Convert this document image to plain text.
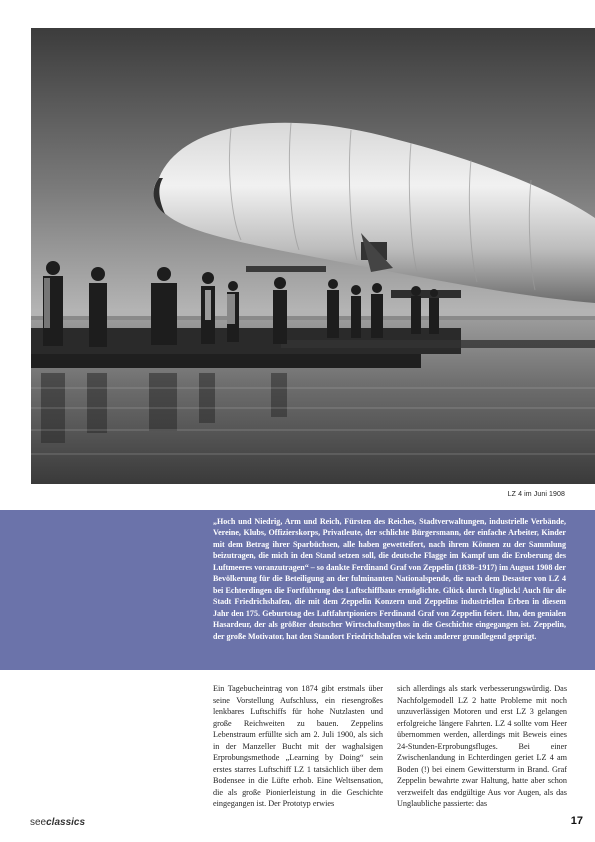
LZ 4 im Juni 1908

„Hoch und Niedrig, Arm und Reich, Fürsten des Reiches, Stadtverwaltungen, industrielle Verbände, Vereine, Klubs, Offizierskorps, Privatleute, der schlichte Bürgersmann, der einfache Arbeiter, Kinder mit dem Betrag ihrer Sparbüchsen, alle haben gewetteifert, nach ihrem Können zu der Sammlung beizutragen, die mich in den Stand setzen soll, die deutsche Flagge im Kampf um die Eroberung des Luftmeeres voranzutragen“ – so dankte Ferdinand Graf von Zeppelin (1838–1917) im August 1908 der Bevölkerung für die Beteiligung an der fulminanten Nationalspende, die nach dem Desaster von LZ 4 bei Echterdingen die Fortführung des Luftschiffbaus ermöglichte. Glück durch Unglück! Auch für die Stadt Friedrichshafen, die mit dem Zeppelin Konzern und Zeppelins industriellen Erben in diesem Jahr den 175. Geburtstag des Luftfahrtpioniers Ferdinand Graf von Zeppelin feiert. Ihn, den genialen Hasardeur, der als größter deutscher Wirtschaftsmythos in die Geschichte eingegangen ist. Zeppelin, der große Motivator, hat den Standort Friedrichshafen wie kein anderer grundlegend geprägt.

Ein Tagebucheintrag von 1874 gibt erstmals über seine Vorstellung Aufschluss, ein riesengroßes lenkbares Luftschiffs für hohe Nutzlasten und große Reichweiten zu bauen. Zeppelins Lebenstraum erfüllte sich am 2. Juli 1900, als sich in der Manzeller Bucht mit der waghalsigen Erprobungsmethode „Learning by Doing“ sein erstes starres Luftschiff LZ 1 tatsächlich über dem Bodensee in die Lüfte erhob. Eine Weltsensation, die als große Pionierleistung in die Geschichte eingegangen ist. Der Prototyp erwies

sich allerdings als stark verbesserungswürdig. Das Nachfolgemodell LZ 2 hatte Probleme mit noch unzuverlässigen Motoren und erst LZ 3 gelangen erfolgreiche längere Fahrten. LZ 4 sollte vom Heer übernommen werden, allerdings mit Beweis eines 24-Stunden-Erprobungsfluges. Bei einer Zwischenlandung in Echterdingen geriet LZ 4 am Boden (!) bei einem Gewittersturm in Brand. Graf Zeppelin bewahrte zwar Haltung, hatte aber schon verzweifelt das endgültige Aus vor Augen, als das Unglaubliche passierte: das

seeclassics	17
